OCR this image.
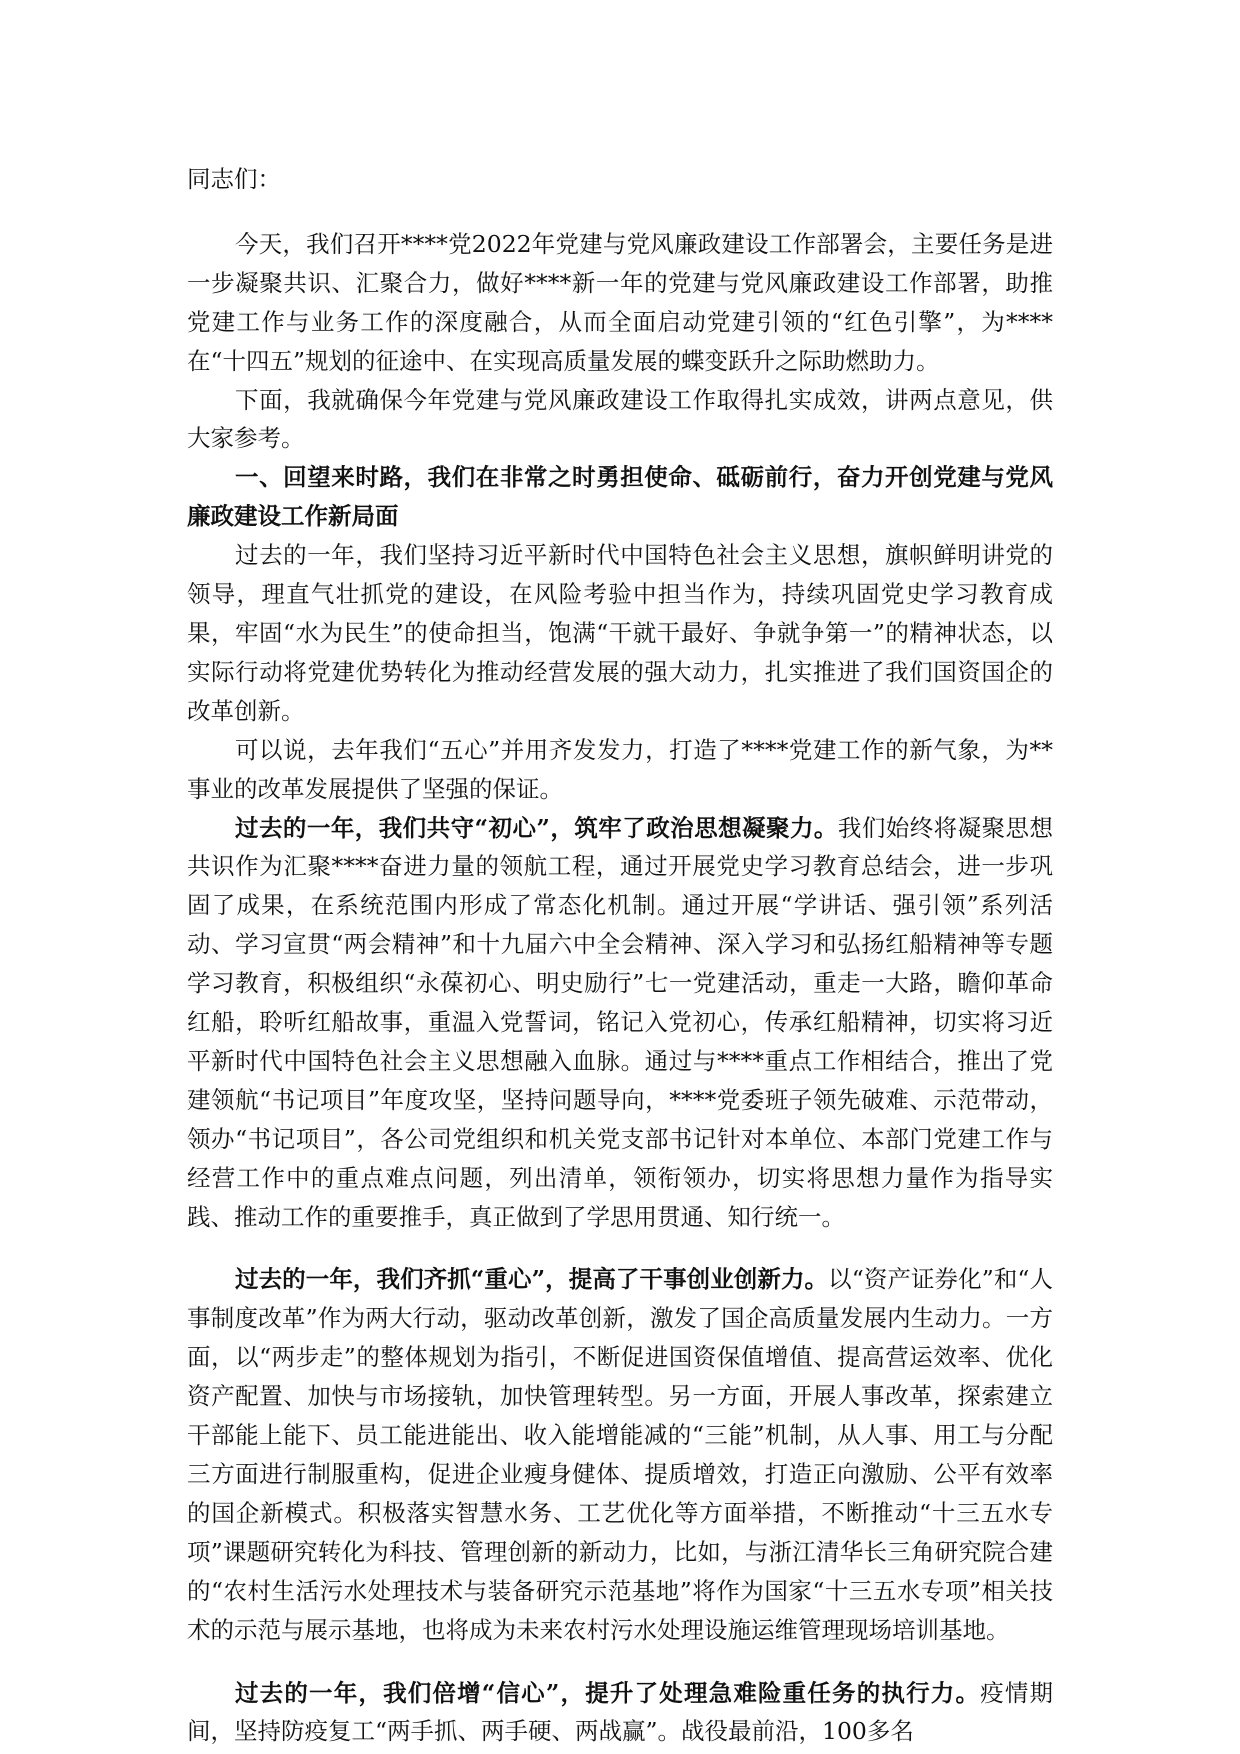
同志们：

今天，我们召开****党2022年党建与党风廉政建设工作部署会，主要任务是进一步凝聚共识、汇聚合力，做好****新一年的党建与党风廉政建设工作部署，助推党建工作与业务工作的深度融合，从而全面启动党建引领的“红色引擎”，为****在“十四五”规划的征途中、在实现高质量发展的蝶变跃升之际助燃助力。

下面，我就确保今年党建与党风廉政建设工作取得扎实成效，讲两点意见，供大家参考。

一、回望来时路，我们在非常之时勇担使命、砥砺前行，奋力开创党建与党风廉政建设工作新局面

过去的一年，我们坚持习近平新时代中国特色社会主义思想，旗帜鲜明讲党的领导，理直气壮抓党的建设，在风险考验中担当作为，持续巩固党史学习教育成果，牢固“水为民生”的使命担当，饱满“干就干最好、争就争第一”的精神状态，以实际行动将党建优势转化为推动经营发展的强大动力，扎实推进了我们国资国企的改革创新。

可以说，去年我们“五心”并用齐发发力，打造了****党建工作的新气象，为**事业的改革发展提供了坚强的保证。

过去的一年，我们共守“初心”，筑牢了政治思想凝聚力。我们始终将凝聚思想共识作为汇聚****奋进力量的领航工程，通过开展党史学习教育总结会，进一步巩固了成果，在系统范围内形成了常态化机制。通过开展“学讲话、强引领”系列活动、学习宣贯“两会精神”和十九届六中全会精神、深入学习和弘扬红船精神等专题学习教育，积极组织“永葆初心、明史励行”七一党建活动，重走一大路，瞻仰革命红船，聆听红船故事，重温入党誓词，铭记入党初心，传承红船精神，切实将习近平新时代中国特色社会主义思想融入血脉。通过与****重点工作相结合，推出了党建领航“书记项目”年度攻坚，坚持问题导向，****党委班子领先破难、示范带动，领办“书记项目”，各公司党组织和机关党支部书记针对本单位、本部门党建工作与经营工作中的重点难点问题，列出清单，领衔领办，切实将思想力量作为指导实践、推动工作的重要推手，真正做到了学思用贯通、知行统一。

过去的一年，我们齐抓“重心”，提高了干事创业创新力。以“资产证券化”和“人事制度改革”作为两大行动，驱动改革创新，激发了国企高质量发展内生动力。一方面，以“两步走”的整体规划为指引，不断促进国资保值增值、提高营运效率、优化资产配置、加快与市场接轨，加快管理转型。另一方面，开展人事改革，探索建立干部能上能下、员工能进能出、收入能增能减的“三能”机制，从人事、用工与分配三方面进行制服重构，促进企业瘦身健体、提质增效，打造正向激励、公平有效率的国企新模式。积极落实智慧水务、工艺优化等方面举措，不断推动“十三五水专项”课题研究转化为科技、管理创新的新动力，比如，与浙江清华长三角研究院合建的“农村生活污水处理技术与装备研究示范基地”将作为国家“十三五水专项”相关技术的示范与展示基地，也将成为未来农村污水处理设施运维管理现场培训基地。

过去的一年，我们倍增“信心”，提升了处理急难险重任务的执行力。疫情期间，坚持防疫复工“两手抓、两手硬、两战赢”。战役最前沿，100多名
